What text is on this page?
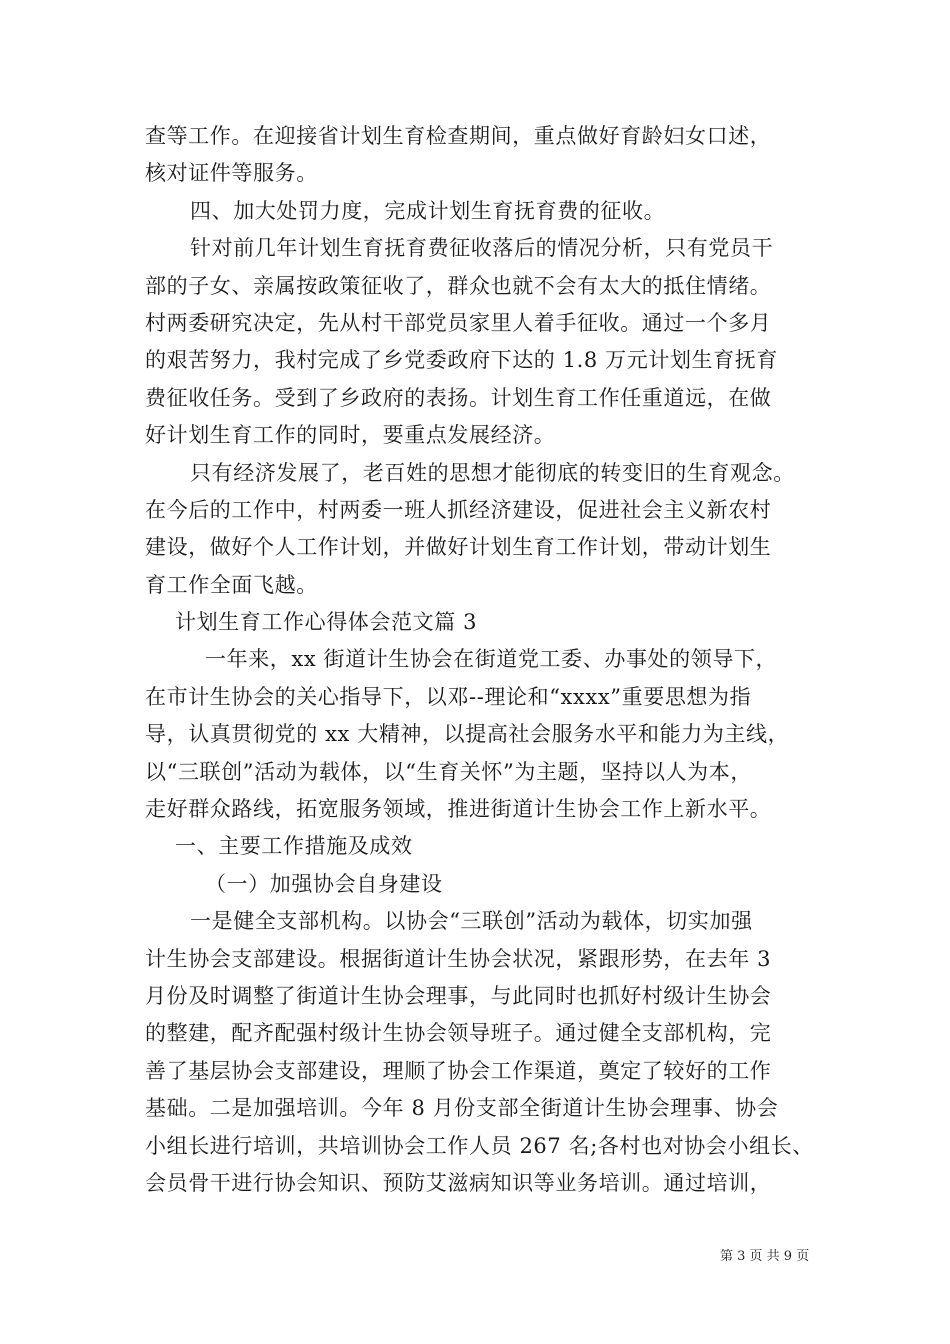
查等工作。在迎接省计划生育检查期间，重点做好育龄妇女口述，
核对证件等服务。
四、加大处罚力度，完成计划生育抚育费的征收。
针对前几年计划生育抚育费征收落后的情况分析，只有党员干
部的子女、亲属按政策征收了，群众也就不会有太大的抵住情绪。
村两委研究决定，先从村干部党员家里人着手征收。通过一个多月
的艰苦努力，我村完成了乡党委政府下达的 1.8 万元计划生育抚育
费征收任务。受到了乡政府的表扬。计划生育工作任重道远，在做
好计划生育工作的同时，要重点发展经济。
只有经济发展了，老百姓的思想才能彻底的转变旧的生育观念。
在今后的工作中，村两委一班人抓经济建设，促进社会主义新农村
建设，做好个人工作计划，并做好计划生育工作计划，带动计划生
育工作全面飞越。
计划生育工作心得体会范文篇 3
一年来，xx 街道计生协会在街道党工委、办事处的领导下，
在市计生协会的关心指导下，以邓--理论和“xxxx”重要思想为指
导，认真贯彻党的 xx 大精神，以提高社会服务水平和能力为主线，
以“三联创”活动为载体，以“生育关怀”为主题，坚持以人为本，
走好群众路线，拓宽服务领域，推进街道计生协会工作上新水平。
一、主要工作措施及成效
（一）加强协会自身建设
一是健全支部机构。以协会“三联创”活动为载体，切实加强
计生协会支部建设。根据街道计生协会状况，紧跟形势，在去年 3
月份及时调整了街道计生协会理事，与此同时也抓好村级计生协会
的整建，配齐配强村级计生协会领导班子。通过健全支部机构，完
善了基层协会支部建设，理顺了协会工作渠道，奠定了较好的工作
基础。二是加强培训。今年 8 月份支部全街道计生协会理事、协会
小组长进行培训，共培训协会工作人员 267 名;各村也对协会小组长、
会员骨干进行协会知识、预防艾滋病知识等业务培训。通过培训，
第 3 页 共 9 页
